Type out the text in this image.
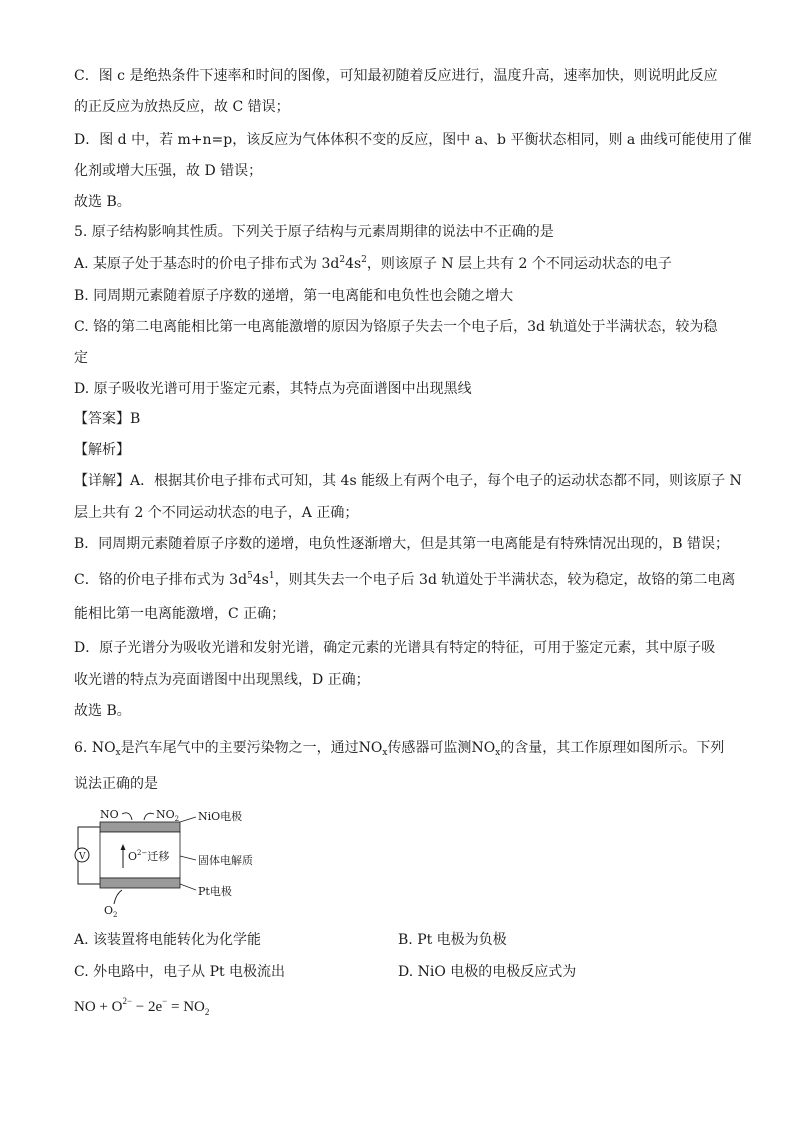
C．图 c 是绝热条件下速率和时间的图像，可知最初随着反应进行，温度升高，速率加快，则说明此反应
的正反应为放热反应，故 C 错误；
D．图 d 中，若 m+n=p，该反应为气体体积不变的反应，图中 a、b 平衡状态相同，则 a 曲线可能使用了催
化剂或增大压强，故 D 错误；
故选 B。
5. 原子结构影响其性质。下列关于原子结构与元素周期律的说法中不正确的是
A. 某原子处于基态时的价电子排布式为 $3d^24s^2$，则该原子 N 层上共有 2 个不同运动状态的电子
B. 同周期元素随着原子序数的递增，第一电离能和电负性也会随之增大
C. 铬的第二电离能相比第一电离能激增的原因为铬原子失去一个电子后，3d 轨道处于半满状态，较为稳
定
D. 原子吸收光谱可用于鉴定元素，其特点为亮面谱图中出现黑线
【答案】B
【解析】
【详解】A．根据其价电子排布式可知，其 4s 能级上有两个电子，每个电子的运动状态都不同，则该原子 N
层上共有 2 个不同运动状态的电子，A 正确；
B．同周期元素随着原子序数的递增，电负性逐渐增大，但是其第一电离能是有特殊情况出现的，B 错误；
C．铬的价电子排布式为 $3d^54s^1$，则其失去一个电子后 3d 轨道处于半满状态，较为稳定，故铬的第二电离
能相比第一电离能激增，C 正确；
D．原子光谱分为吸收光谱和发射光谱，确定元素的光谱具有特定的特征，可用于鉴定元素，其中原子吸
收光谱的特点为亮面谱图中出现黑线，D 正确；
故选 B。
6. $NO_x$是汽车尾气中的主要污染物之一，通过$NO_x$传感器可监测$NO_x$的含量，其工作原理如图所示。下列
说法正确的是
V	$O^{2-}$迁移
NO	$NO_2$ NiO电极
固体电解质
Pt电极
$O_2$
A. 该装置将电能转化为化学能	B. Pt 电极为负极
C. 外电路中，电子从 Pt 电极流出	D. NiO 电极的电极反应式为
NO + $O^{2-} - 2e^- = NO_2$
